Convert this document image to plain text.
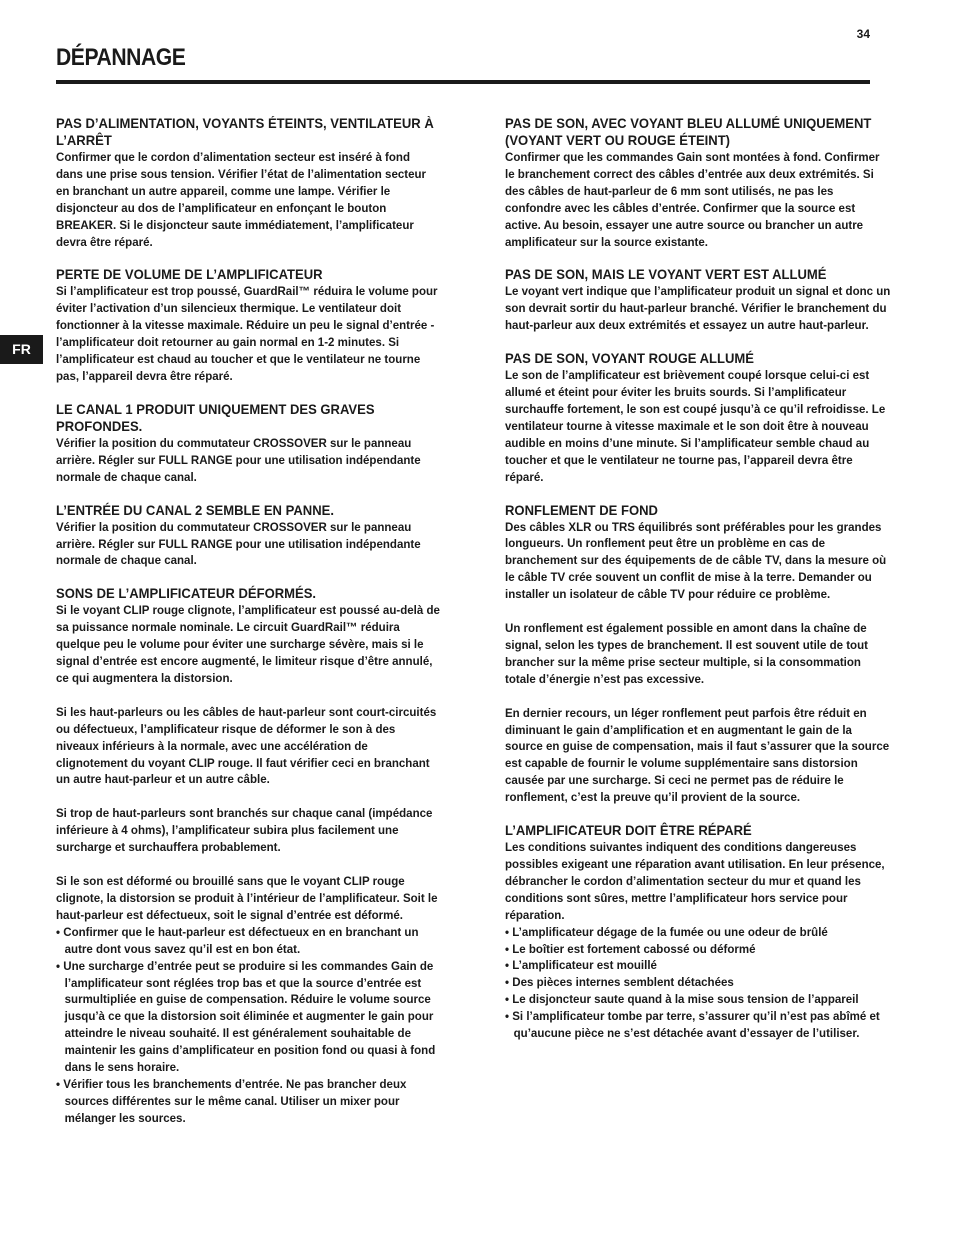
34
DÉPANNAGE
FR
PAS D’ALIMENTATION, VOYANTS ÉTEINTS, VENTILATEUR À L’ARRÊT

Confirmer que le cordon d’alimentation secteur est inséré à fond dans une prise sous tension. Vérifier l’état de l’alimentation secteur en branchant un autre appareil, comme une lampe. Vérifier le disjoncteur au dos de l’amplificateur en enfonçant le bouton BREAKER. Si le disjoncteur saute immédiatement, l’amplificateur devra être réparé.

PERTE DE VOLUME DE L’AMPLIFICATEUR

Si l’amplificateur est trop poussé, GuardRail™ réduira le volume pour éviter l’activation d’un silencieux thermique. Le ventilateur doit fonctionner à la vitesse maximale. Réduire un peu le signal d’entrée - l’amplificateur doit retourner au gain normal en 1-2 minutes. Si l’amplificateur est chaud au toucher et que le ventilateur ne tourne pas, l’appareil devra être réparé.

LE CANAL 1 PRODUIT UNIQUEMENT DES GRAVES PROFONDES.

Vérifier la position du commutateur CROSSOVER sur le panneau arrière. Régler sur FULL RANGE pour une utilisation indépendante normale de chaque canal.

L’ENTRÉE DU CANAL 2 SEMBLE EN PANNE.

Vérifier la position du commutateur CROSSOVER sur le panneau arrière. Régler sur FULL RANGE pour une utilisation indépendante normale de chaque canal.

SONS DE L’AMPLIFICATEUR DÉFORMÉS.

Si le voyant CLIP rouge clignote, l’amplificateur est poussé au-delà de sa puissance normale nominale. Le circuit GuardRail™ réduira quelque peu le volume pour éviter une surcharge sévère, mais si le signal d’entrée est encore augmenté, le limiteur risque d’être annulé, ce qui augmentera la distorsion.

Si les haut-parleurs ou les câbles de haut-parleur sont court-circuités ou défectueux, l’amplificateur risque de déformer le son à des niveaux inférieurs à la normale, avec une accélération de clignotement du voyant CLIP rouge. Il faut vérifier ceci en branchant un autre haut-parleur et un autre câble.

Si trop de haut-parleurs sont branchés sur chaque canal (impédance inférieure à 4 ohms), l’amplificateur subira plus facilement une surcharge et surchauffera probablement.

Si le son est déformé ou brouillé sans que le voyant CLIP rouge clignote, la distorsion se produit à l’intérieur de l’amplificateur. Soit le haut-parleur est défectueux, soit le signal d’entrée est déformé.

• Confirmer que le haut-parleur est défectueux en en branchant un autre dont vous savez qu’il est en bon état.
• Une surcharge d’entrée peut se produire si les commandes Gain de l’amplificateur sont réglées trop bas et que la source d’entrée est surmultipliée en guise de compensation. Réduire le volume source jusqu’à ce que la distorsion soit éliminée et augmenter le gain pour atteindre le niveau souhaité. Il est généralement souhaitable de maintenir les gains d’amplificateur en position fond ou quasi à fond dans le sens horaire.
• Vérifier tous les branchements d’entrée. Ne pas brancher deux sources différentes sur le même canal. Utiliser un mixer pour mélanger les sources.
PAS DE SON, AVEC VOYANT BLEU ALLUMÉ UNIQUEMENT (VOYANT VERT OU ROUGE ÉTEINT)

Confirmer que les commandes Gain sont montées à fond. Confirmer le branchement correct des câbles d’entrée aux deux extrémités. Si des câbles de haut-parleur de 6 mm sont utilisés, ne pas les confondre avec les câbles d’entrée. Confirmer que la source est active. Au besoin, essayer une autre source ou brancher un autre amplificateur sur la source existante.

PAS DE SON, MAIS LE VOYANT VERT EST ALLUMÉ

Le voyant vert indique que l’amplificateur produit un signal et donc un son devrait sortir du haut-parleur branché. Vérifier le branchement du haut-parleur aux deux extrémités et essayez un autre haut-parleur.

PAS DE SON, VOYANT ROUGE ALLUMÉ

Le son de l’amplificateur est brièvement coupé lorsque celui-ci est allumé et éteint pour éviter les bruits sourds. Si l’amplificateur surchauffe fortement, le son est coupé jusqu’à ce qu’il refroidisse. Le ventilateur tourne à vitesse maximale et le son doit être à nouveau audible en moins d’une minute. Si l’amplificateur semble chaud au toucher et que le ventilateur ne tourne pas, l’appareil devra être réparé.

RONFLEMENT DE FOND

Des câbles XLR ou TRS équilibrés sont préférables pour les grandes longueurs. Un ronflement peut être un problème en cas de branchement sur des équipements de de câble TV, dans la mesure où le câble TV crée souvent un conflit de mise à la terre. Demander ou installer un isolateur de câble TV pour réduire ce problème.

Un ronflement est également possible en amont dans la chaîne de signal, selon les types de branchement. Il est souvent utile de tout brancher sur la même prise secteur multiple, si la consommation totale d’énergie n’est pas excessive.

En dernier recours, un léger ronflement peut parfois être réduit en diminuant le gain d’amplification et en augmentant le gain de la source en guise de compensation, mais il faut s’assurer que la source est capable de fournir le volume supplémentaire sans distorsion causée par une surcharge. Si ceci ne permet pas de réduire le ronflement, c’est la preuve qu’il provient de la source.

L’AMPLIFICATEUR DOIT ÊTRE RÉPARÉ

Les conditions suivantes indiquent des conditions dangereuses possibles exigeant une réparation avant utilisation. En leur présence, débrancher le cordon d’alimentation secteur du mur et quand les conditions sont sûres, mettre l’amplificateur hors service pour réparation.

• L’amplificateur dégage de la fumée ou une odeur de brûlé
• Le boîtier est fortement cabossé ou déformé
• L’amplificateur est mouillé
• Des pièces internes semblent détachées
• Le disjoncteur saute quand à la mise sous tension de l’appareil
• Si l’amplificateur tombe par terre, s’assurer qu’il n’est pas abîmé et qu’aucune pièce ne s’est détachée avant d’essayer de l’utiliser.
